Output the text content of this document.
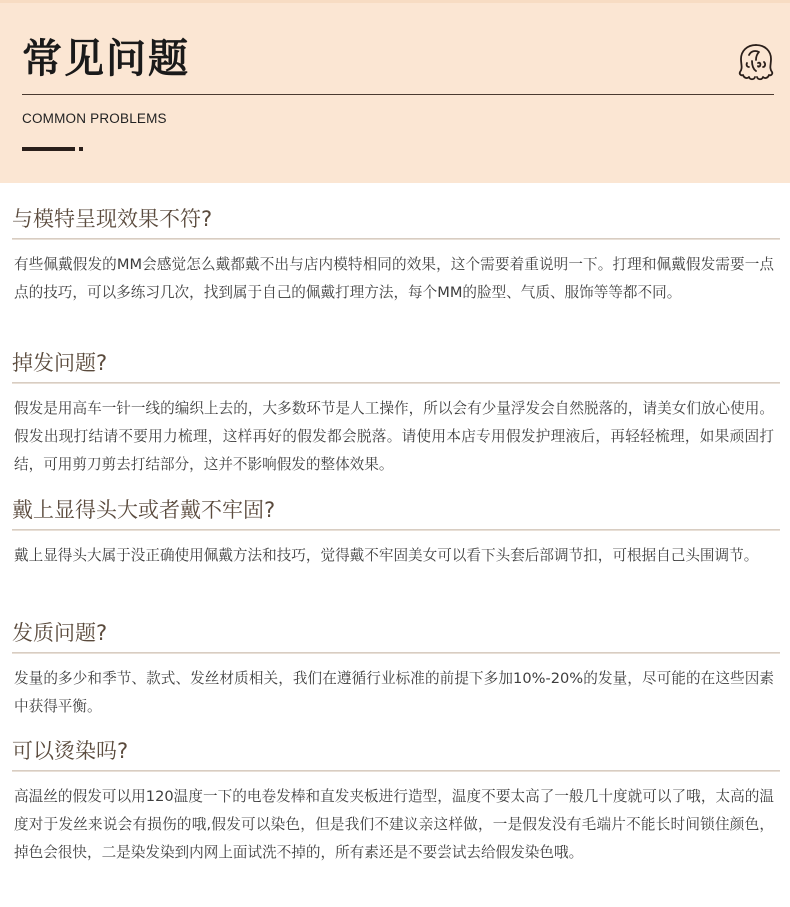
常见问题
COMMON PROBLEMS
与模特呈现效果不符?
有些佩戴假发的MM会感觉怎么戴都戴不出与店内模特相同的效果，这个需要着重说明一下。打理和佩戴假发需要一点点的技巧，可以多练习几次，找到属于自己的佩戴打理方法，每个MM的脸型、气质、服饰等等都不同。
掉发问题?
假发是用高车一针一线的编织上去的，大多数环节是人工操作，所以会有少量浮发会自然脱落的，请美女们放心使用。假发出现打结请不要用力梳理，这样再好的假发都会脱落。请使用本店专用假发护理液后，再轻轻梳理，如果顽固打结，可用剪刀剪去打结部分，这并不影响假发的整体效果。
戴上显得头大或者戴不牢固?
戴上显得头大属于没正确使用佩戴方法和技巧，觉得戴不牢固美女可以看下头套后部调节扣，可根据自己头围调节。
发质问题?
发量的多少和季节、款式、发丝材质相关，我们在遵循行业标准的前提下多加10%-20%的发量，尽可能的在这些因素中获得平衡。
可以烫染吗?
高温丝的假发可以用120温度一下的电卷发棒和直发夹板进行造型，温度不要太高了一般几十度就可以了哦，太高的温度对于发丝来说会有损伤的哦,假发可以染色，但是我们不建议亲这样做，一是假发没有毛端片不能长时间锁住颜色，掉色会很快，二是染发染到内网上面试洗不掉的，所有素还是不要尝试去给假发染色哦。
